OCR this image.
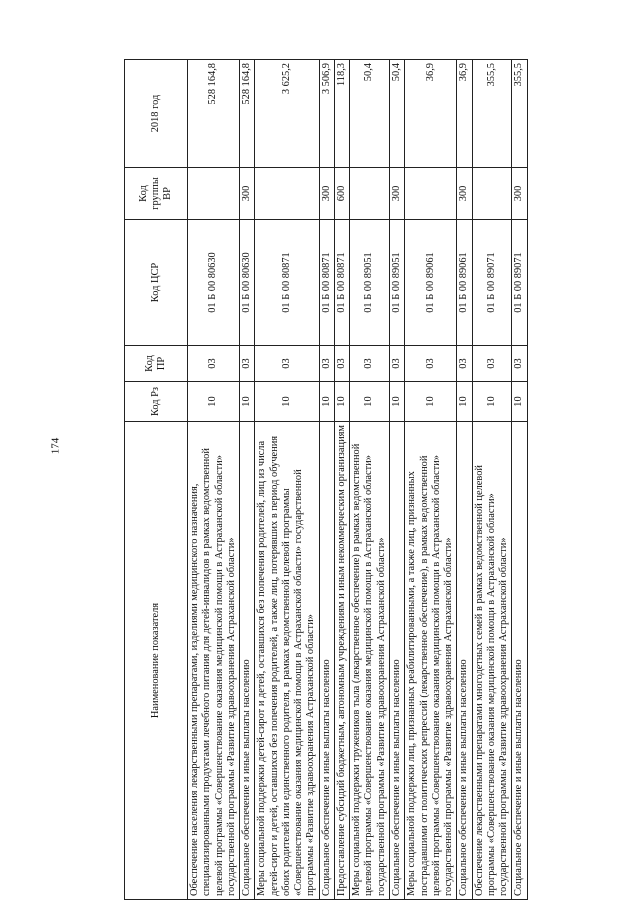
174
Наименование показателя	Код Рз	Код ПР	Код ЦСР	Код группы ВР	2018 год
Обеспечение населения лекарственными препаратами, изделиями медицинского назначения, специализированными продуктами лечебного питания для детей-инвалидов в рамках ведомственной целевой программы «Совершенствование оказания медицинской помощи в Астраханской области» государственной программы «Развитие здравоохранения Астраханской области»	10	03	01 Б 00 80630		528 164,8
Социальное обеспечение и иные выплаты населению	10	03	01 Б 00 80630	300	528 164,8
Меры социальной поддержки детей-сирот и детей, оставшихся без попечения родителей, лиц из числа детей-сирот и детей, оставшихся без попечения родителей, а также лиц, потерявших в период обучения обоих родителей или единственного родителя, в рамках ведомственной целевой программы «Совершенствование оказания медицинской помощи в Астраханской области» государственной программы «Развитие здравоохранения Астраханской области»	10	03	01 Б 00 80871		3 625,2
Социальное обеспечение и иные выплаты населению	10	03	01 Б 00 80871	300	3 506,9
Предоставление субсидий бюджетным, автономным учреждениям и иным некоммерческим организациям	10	03	01 Б 00 80871	600	118,3
Меры социальной поддержки тружеников тыла (лекарственное обеспечение) в рамках ведомственной целевой программы «Совершенствование оказания медицинской помощи в Астраханской области» государственной программы «Развитие здравоохранения Астраханской области»	10	03	01 Б 00 89051		50,4
Социальное обеспечение и иные выплаты населению	10	03	01 Б 00 89051	300	50,4
Меры социальной поддержки лиц, признанных реабилитированными, а также лиц, признанных пострадавшими от политических репрессий (лекарственное обеспечение), в рамках ведомственной целевой программы «Совершенствование оказания медицинской помощи в Астраханской области» государственной программы «Развитие здравоохранения Астраханской области»	10	03	01 Б 00 89061		36,9
Социальное обеспечение и иные выплаты населению	10	03	01 Б 00 89061	300	36,9
Обеспечение лекарственными препаратами многодетных семей в рамках ведомственной целевой программы «Совершенствование оказания медицинской помощи в Астраханской области» государственной программы «Развитие здравоохранения Астраханской области»	10	03	01 Б 00 89071		355,5
Социальное обеспечение и иные выплаты населению	10	03	01 Б 00 89071	300	355,5
